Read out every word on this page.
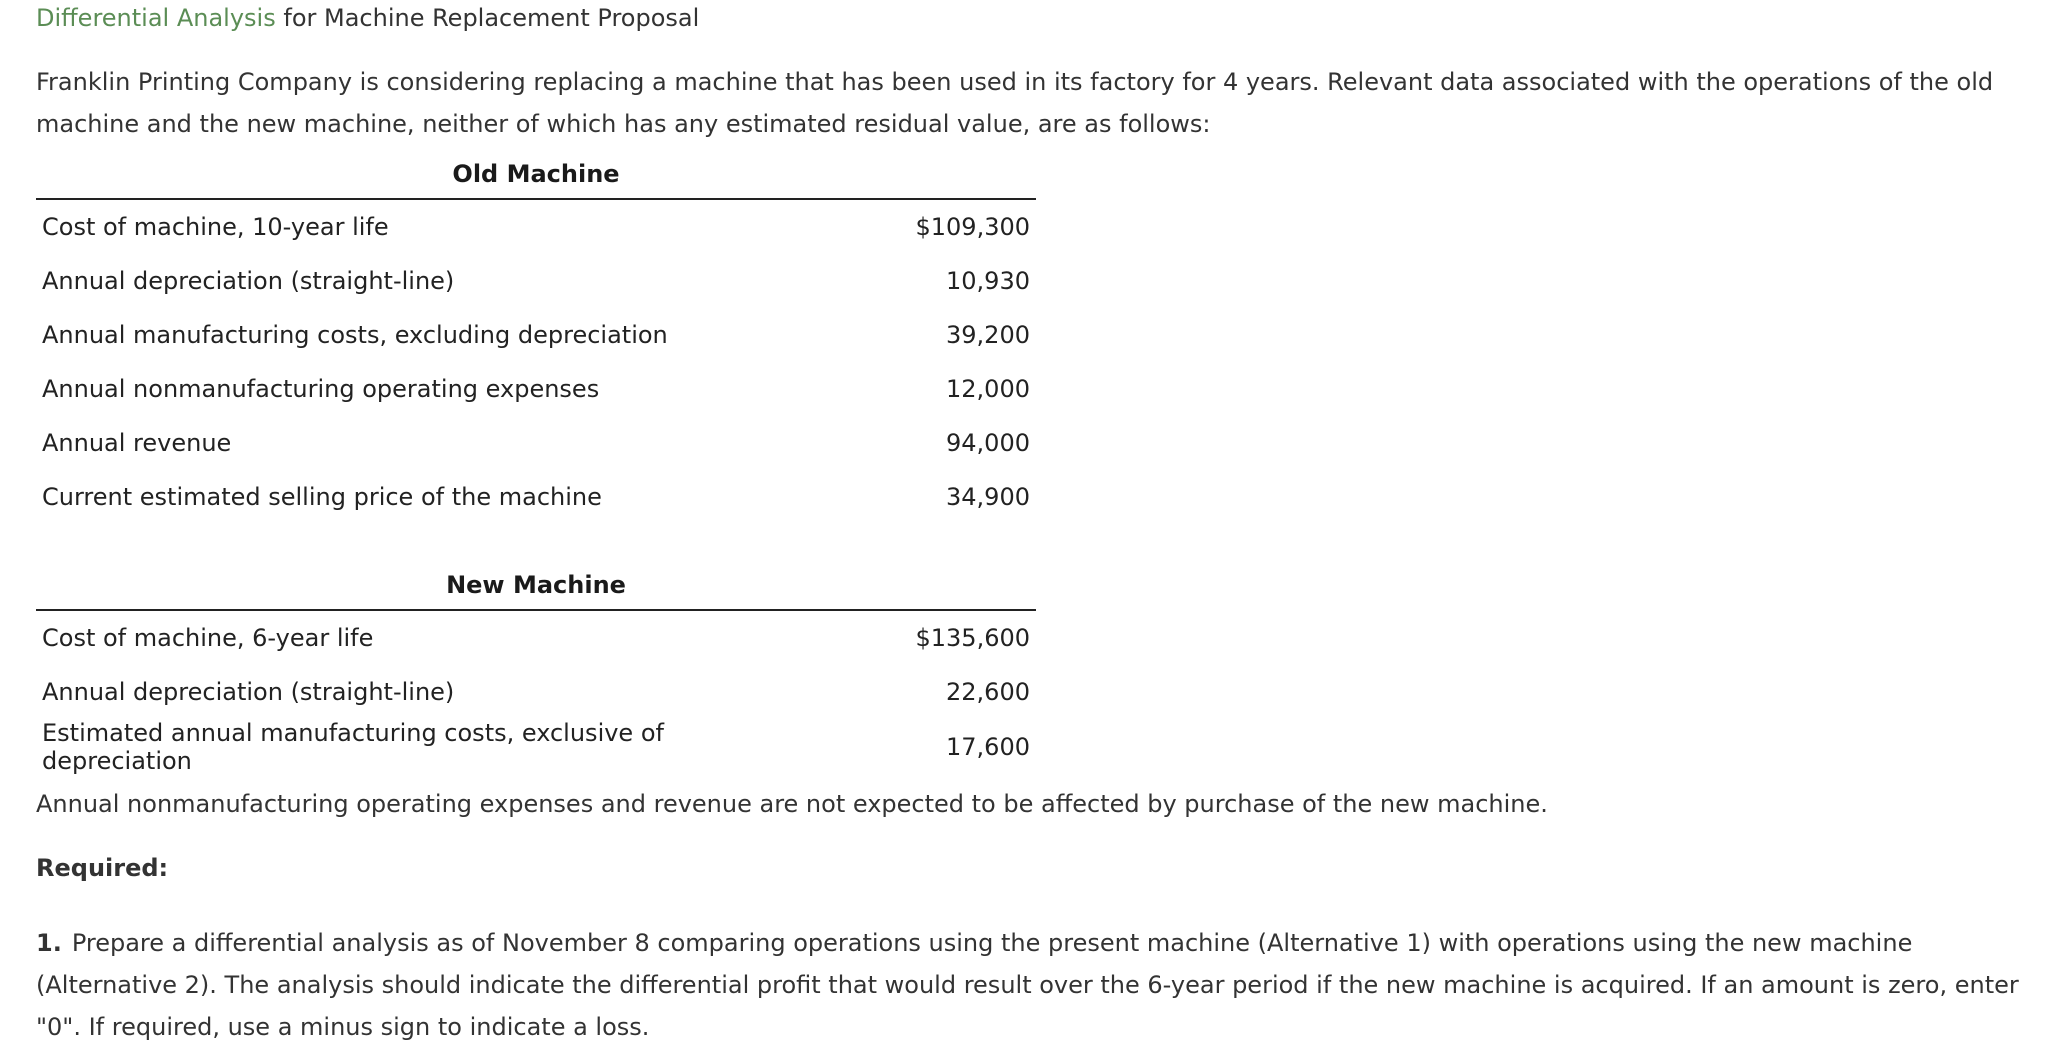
Differential Analysis for Machine Replacement Proposal
Franklin Printing Company is considering replacing a machine that has been used in its factory for 4 years. Relevant data associated with the operations of the old machine and the new machine, neither of which has any estimated residual value, are as follows:
Old Machine	
Cost of machine, 10-year life	$109,300
Annual depreciation (straight-line)	10,930
Annual manufacturing costs, excluding depreciation	39,200
Annual nonmanufacturing operating expenses	12,000
Annual revenue	94,000
Current estimated selling price of the machine	34,900
New Machine	
Cost of machine, 6-year life	$135,600
Annual depreciation (straight-line)	22,600
Estimated annual manufacturing costs, exclusive of depreciation	17,600
Annual nonmanufacturing operating expenses and revenue are not expected to be affected by purchase of the new machine.
Required:
1. Prepare a differential analysis as of November 8 comparing operations using the present machine (Alternative 1) with operations using the new machine (Alternative 2). The analysis should indicate the differential profit that would result over the 6-year period if the new machine is acquired. If an amount is zero, enter "0". If required, use a minus sign to indicate a loss.
